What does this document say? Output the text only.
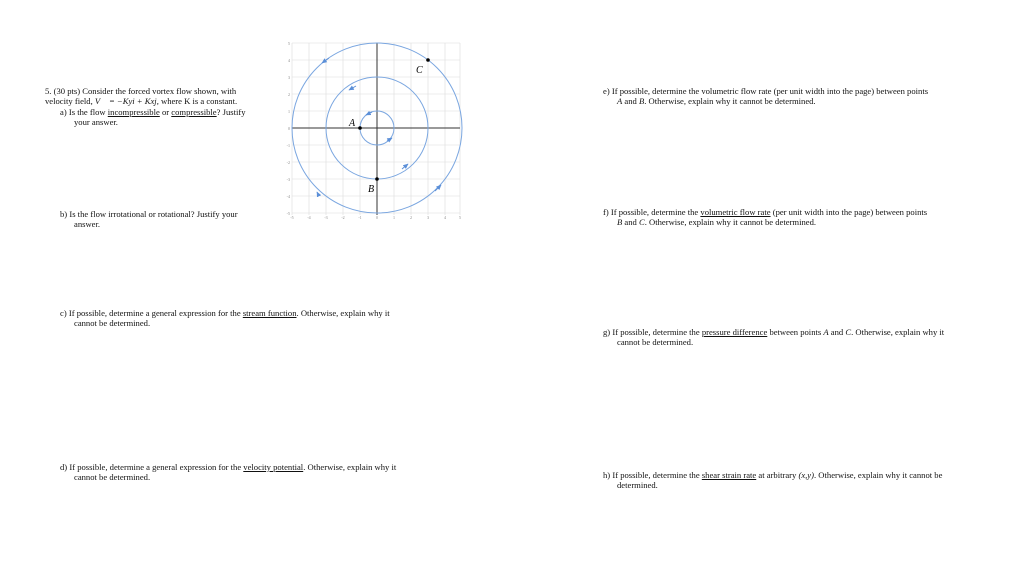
5. (30 pts) Consider the forced vortex flow shown, with
velocity field, V⃗ = −Kyi + Kxj, where K is a constant.
a) Is the flow incompressible or compressible? Justify
your answer.
b) Is the flow irrotational or rotational? Justify your
answer.
c) If possible, determine a general expression for the stream function. Otherwise, explain why it
cannot be determined.
d) If possible, determine a general expression for the velocity potential. Otherwise, explain why it
cannot be determined.
e) If possible, determine the volumetric flow rate (per unit width into the page) between points
A and B. Otherwise, explain why it cannot be determined.
f) If possible, determine the volumetric flow rate (per unit width into the page) between points
B and C. Otherwise, explain why it cannot be determined.
g) If possible, determine the pressure difference between points A and C. Otherwise, explain why it
cannot be determined.
h) If possible, determine the shear strain rate at arbitrary (x,y). Otherwise, explain why it cannot be
determined.
A
B
C
-5	-4	-3	-2	-1	0	1	2	3	4	5
5
4
3
2
1
0
-1
-2
-3
-4
-5
